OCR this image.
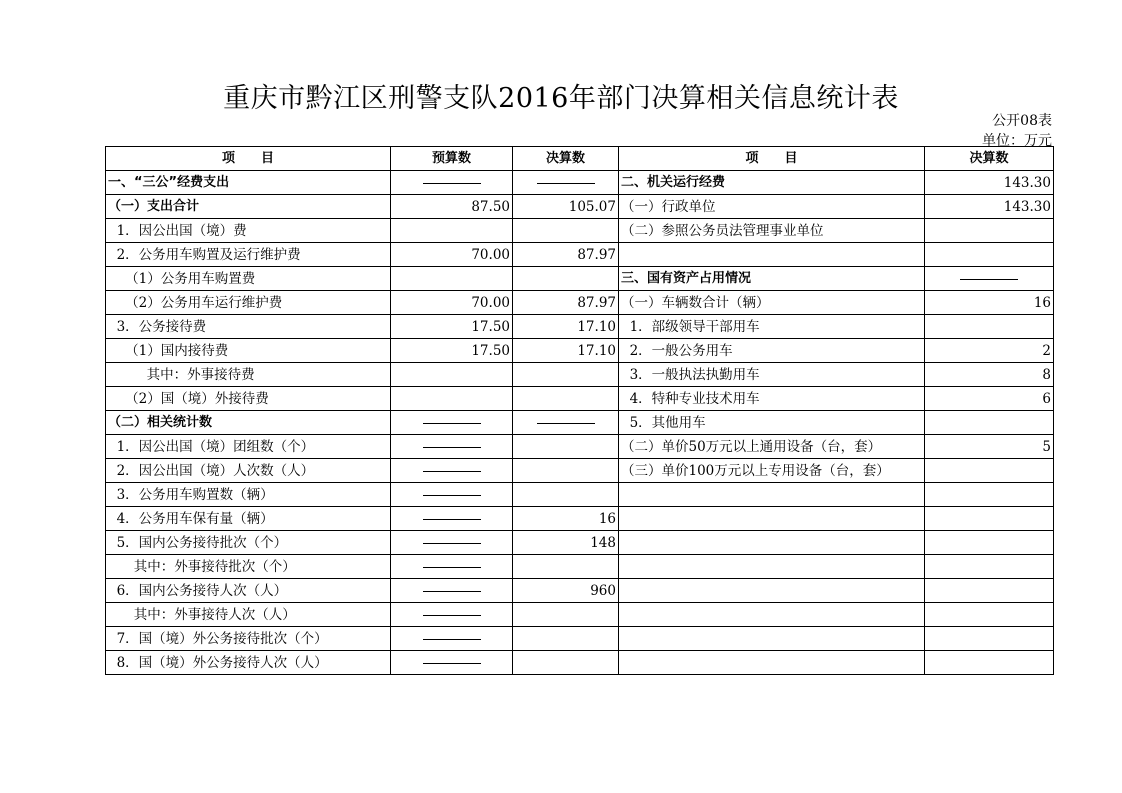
重庆市黔江区刑警支队2016年部门决算相关信息统计表
公开08表
单位：万元
项　　目	预算数	决算数	项　　目	决算数
一、“三公”经费支出			二、机关运行经费	143.30
（一）支出合计	87.50	105.07	（一）行政单位	143.30
1．因公出国（境）费			（二）参照公务员法管理事业单位	
2．公务用车购置及运行维护费	70.00	87.97		
（1）公务用车购置费			三、国有资产占用情况	
（2）公务用车运行维护费	70.00	87.97	（一）车辆数合计（辆）	16
3．公务接待费	17.50	17.10	1．部级领导干部用车	
（1）国内接待费	17.50	17.10	2．一般公务用车	2
其中：外事接待费			3．一般执法执勤用车	8
（2）国（境）外接待费			4．特种专业技术用车	6
（二）相关统计数			5．其他用车	
1．因公出国（境）团组数（个）			（二）单价50万元以上通用设备（台，套）	5
2．因公出国（境）人次数（人）			（三）单价100万元以上专用设备（台，套）	
3．公务用车购置数（辆）				
4．公务用车保有量（辆）		16		
5．国内公务接待批次（个）		148		
其中：外事接待批次（个）				
6．国内公务接待人次（人）		960		
其中：外事接待人次（人）				
7．国（境）外公务接待批次（个）				
8．国（境）外公务接待人次（人）				
